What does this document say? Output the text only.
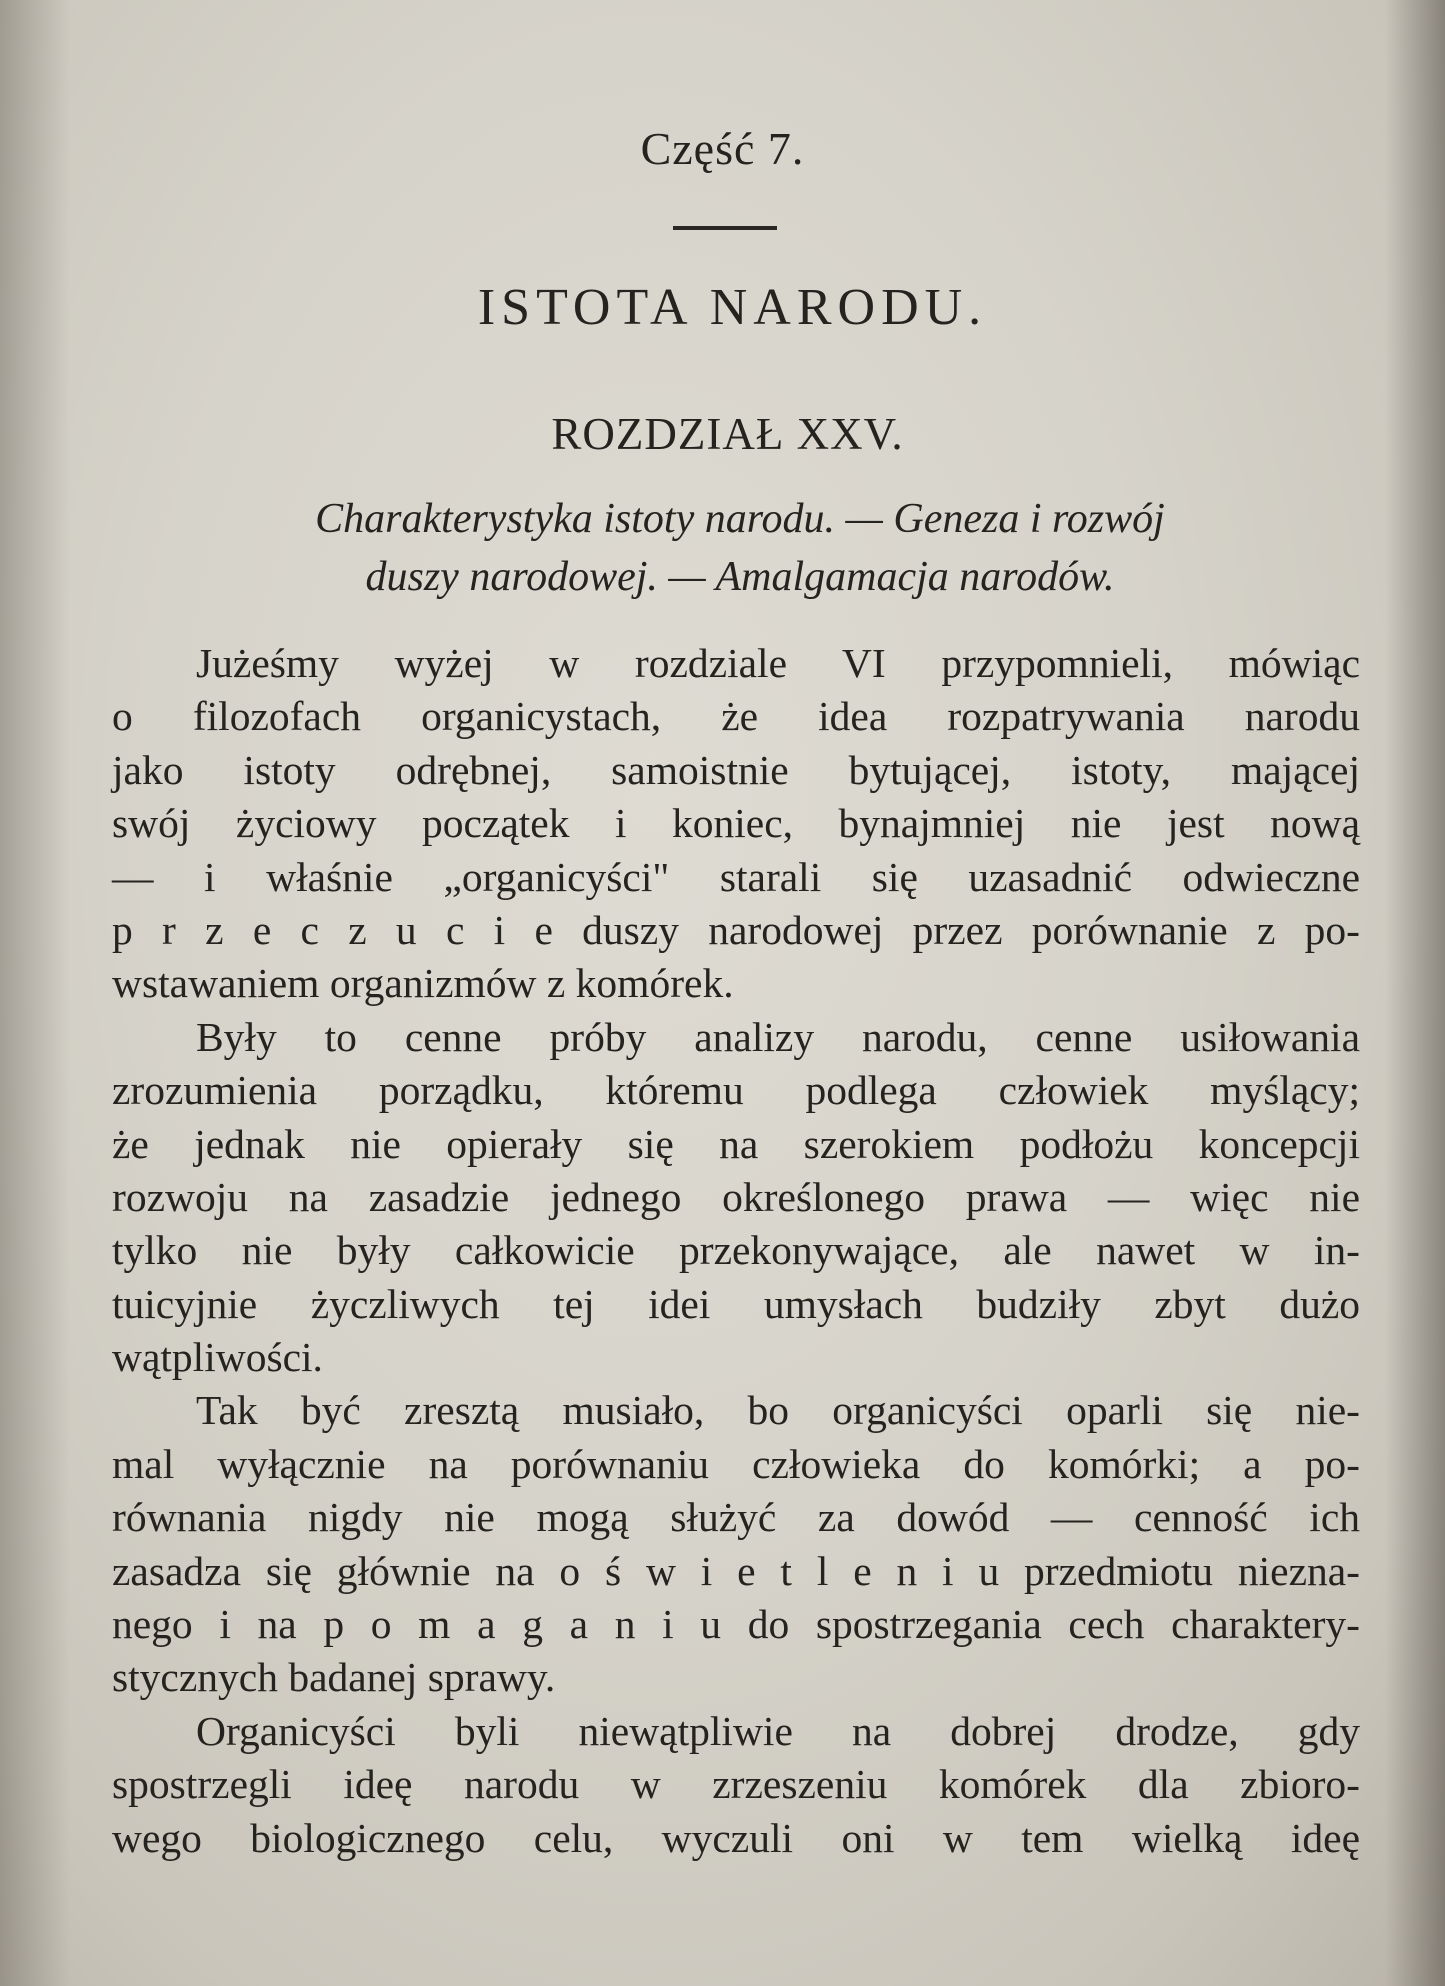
Część 7.
ISTOTA NARODU.
ROZDZIAŁ XXV.
Charakterystyka istoty narodu. — Geneza i rozwój
duszy narodowej. — Amalgamacja narodów.
Jużeśmy wyżej w rozdziale VI przypomnieli, mówiąc
o filozofach organicystach, że idea rozpatrywania narodu
jako istoty odrębnej, samoistnie bytującej, istoty, mającej
swój życiowy początek i koniec, bynajmniej nie jest nową
— i właśnie „organicyści" starali się uzasadnić odwieczne
p r z e c z u c i e duszy narodowej przez porównanie z po-
wstawaniem organizmów z komórek.
Były to cenne próby analizy narodu, cenne usiłowania
zrozumienia porządku, któremu podlega człowiek myślący;
że jednak nie opierały się na szerokiem podłożu koncepcji
rozwoju na zasadzie jednego określonego prawa — więc nie
tylko nie były całkowicie przekonywające, ale nawet w in-
tuicyjnie życzliwych tej idei umysłach budziły zbyt dużo
wątpliwości.
Tak być zresztą musiało, bo organicyści oparli się nie-
mal wyłącznie na porównaniu człowieka do komórki; a po-
równania nigdy nie mogą służyć za dowód — cenność ich
zasadza się głównie na o ś w i e t l e n i u przedmiotu niezna-
nego i na p o m a g a n i u do spostrzegania cech charaktery-
stycznych badanej sprawy.
Organicyści byli niewątpliwie na dobrej drodze, gdy
spostrzegli ideę narodu w zrzeszeniu komórek dla zbioro-
wego biologicznego celu, wyczuli oni w tem wielką ideę
